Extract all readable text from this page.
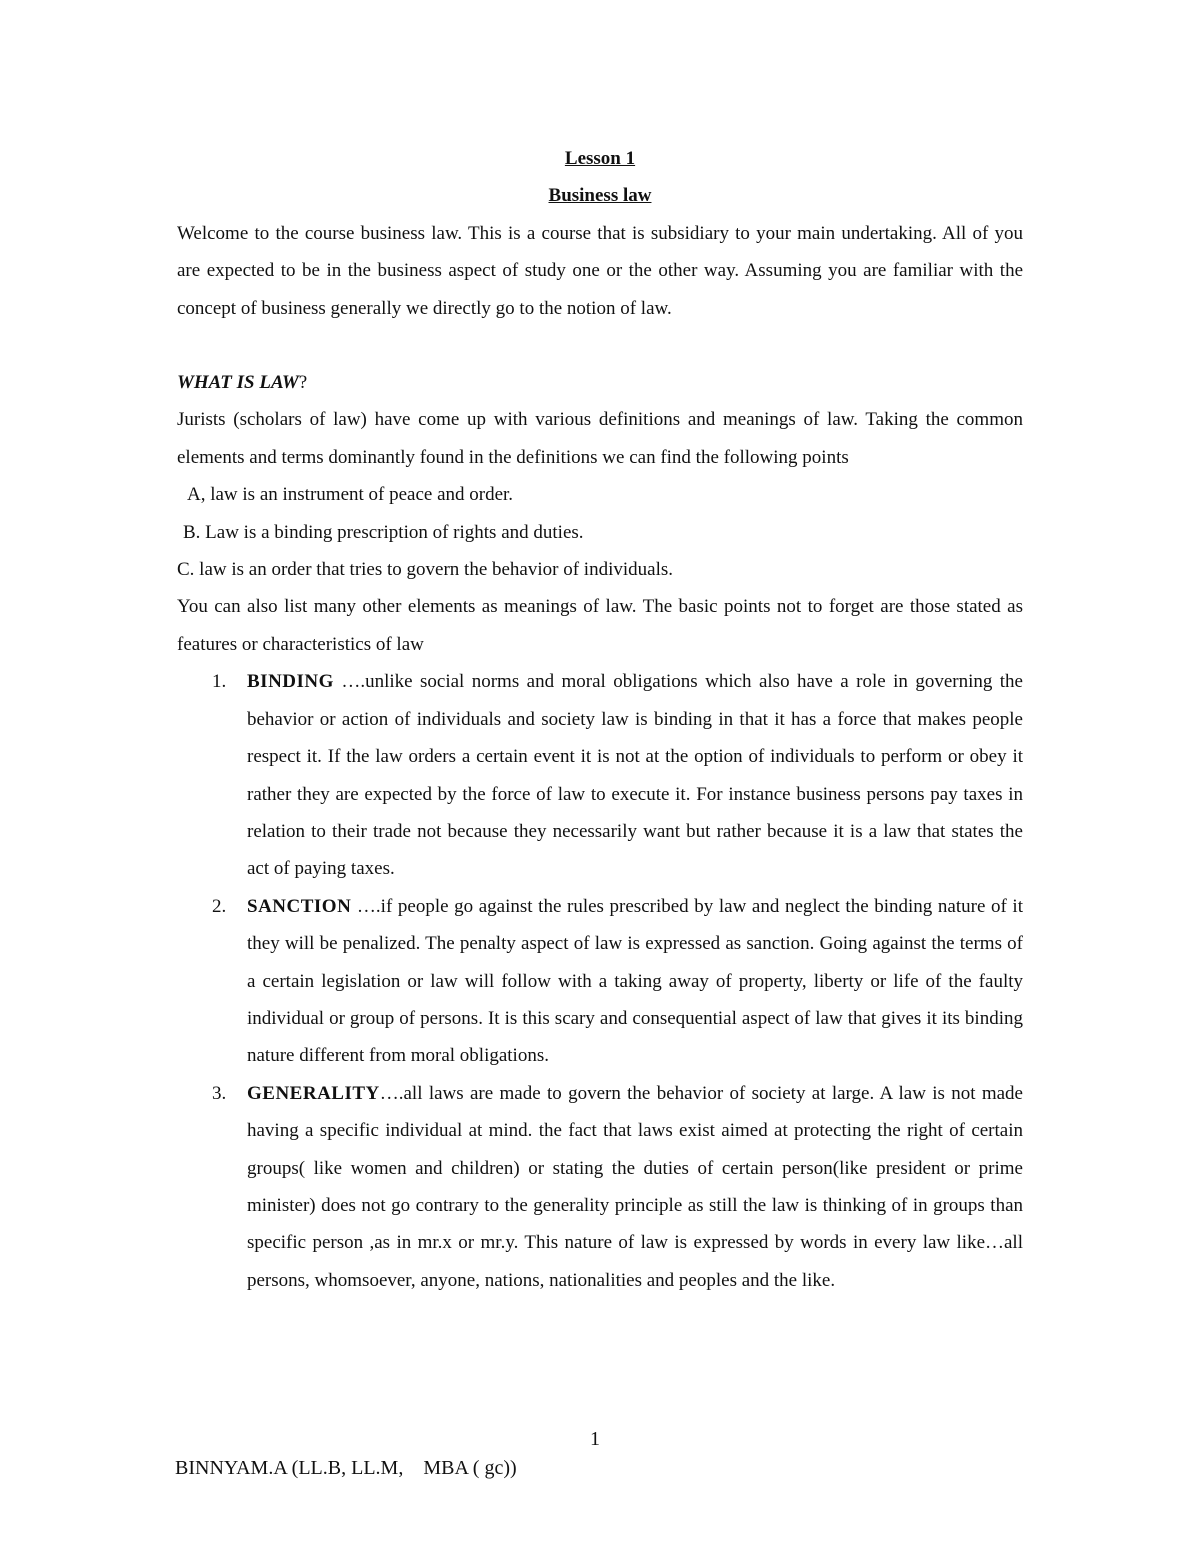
Lesson 1

Business law

Welcome to the course business law. This is a course that is subsidiary to your main undertaking. All of you are expected to be in the business aspect of study one or the other way. Assuming you are familiar with the concept of business generally we directly go to the notion of law.

WHAT IS LAW?

Jurists (scholars of law) have come up with various definitions and meanings of law. Taking the common elements and terms dominantly found in the definitions we can find the following points

A, law is an instrument of peace and order.

B. Law is a binding prescription of rights and duties.

C. law is an order that tries to govern the behavior of individuals.

You can also list many other elements as meanings of law. The basic points not to forget are those stated as features or characteristics of law

1. BINDING ….unlike social norms and moral obligations which also have a role in governing the behavior or action of individuals and society law is binding in that it has a force that makes people respect it. If the law orders a certain event it is not at the option of individuals to perform or obey it rather they are expected by the force of law to execute it. For instance business persons pay taxes in relation to their trade not because they necessarily want but rather because it is a law that states the act of paying taxes.
2. SANCTION ….if people go against the rules prescribed by law and neglect the binding nature of it they will be penalized. The penalty aspect of law is expressed as sanction. Going against the terms of a certain legislation or law will follow with a taking away of property, liberty or life of the faulty individual or group of persons. It is this scary and consequential aspect of law that gives it its binding nature different from moral obligations.
3. GENERALITY….all laws are made to govern the behavior of society at large. A law is not made having a specific individual at mind. the fact that laws exist aimed at protecting the right of certain groups( like women and children) or stating the duties of certain person(like president or prime minister) does not go contrary to the generality principle as still the law is thinking of in groups than specific person ,as in mr.x or mr.y. This nature of law is expressed by words in every law like…all persons, whomsoever, anyone, nations, nationalities and peoples and the like.
1
BINNYAM.A (LL.B, LL.M,    MBA ( gc))
